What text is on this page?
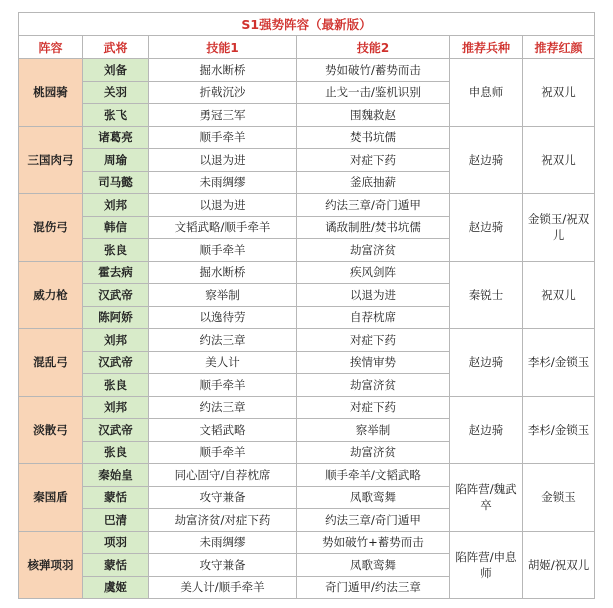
S1强势阵容（最新版）					
阵容	武将	技能1	技能2	推荐兵种	推荐红颜
桃园骑	刘备	掘水断桥	势如破竹/蓄势而击	申息师	祝双儿
	关羽	折戟沉沙	止戈一击/鉴机识别		
	张飞	勇冠三军	围魏救赵		
三国肉弓	诸葛亮	顺手牵羊	焚书坑儒	赵边骑	祝双儿
	周瑜	以退为进	对症下药		
	司马懿	未雨绸缪	釜底抽薪		
混伤弓	刘邦	以退为进	约法三章/奇门遁甲	赵边骑	金锁玉/祝双儿
	韩信	文韬武略/顺手牵羊	谲敌制胜/焚书坑儒		
	张良	顺手牵羊	劫富济贫		
威力枪	霍去病	掘水断桥	疾风剑阵	秦锐士	祝双儿
	汉武帝	察举制	以退为进		
	陈阿娇	以逸待劳	自荐枕席		
混乱弓	刘邦	约法三章	对症下药	赵边骑	李杉/金锁玉
	汉武帝	美人计	挨情审势		
	张良	顺手牵羊	劫富济贫		
淡散弓	刘邦	约法三章	对症下药	赵边骑	李杉/金锁玉
	汉武帝	文韬武略	察举制		
	张良	顺手牵羊	劫富济贫		
秦国盾	秦始皇	同心固守/自荐枕席	顺手牵羊/文韬武略	陷阵营/魏武卒	金锁玉
	蒙恬	攻守兼备	凤歌鸾舞		
	巴清	劫富济贫/对症下药	约法三章/奇门遁甲		
核弹项羽	项羽	未雨绸缪	势如破竹+蓄势而击	陷阵营/申息师	胡姬/祝双儿
	蒙恬	攻守兼备	凤歌鸾舞		
	虞姬	美人计/顺手牵羊	奇门遁甲/约法三章		
